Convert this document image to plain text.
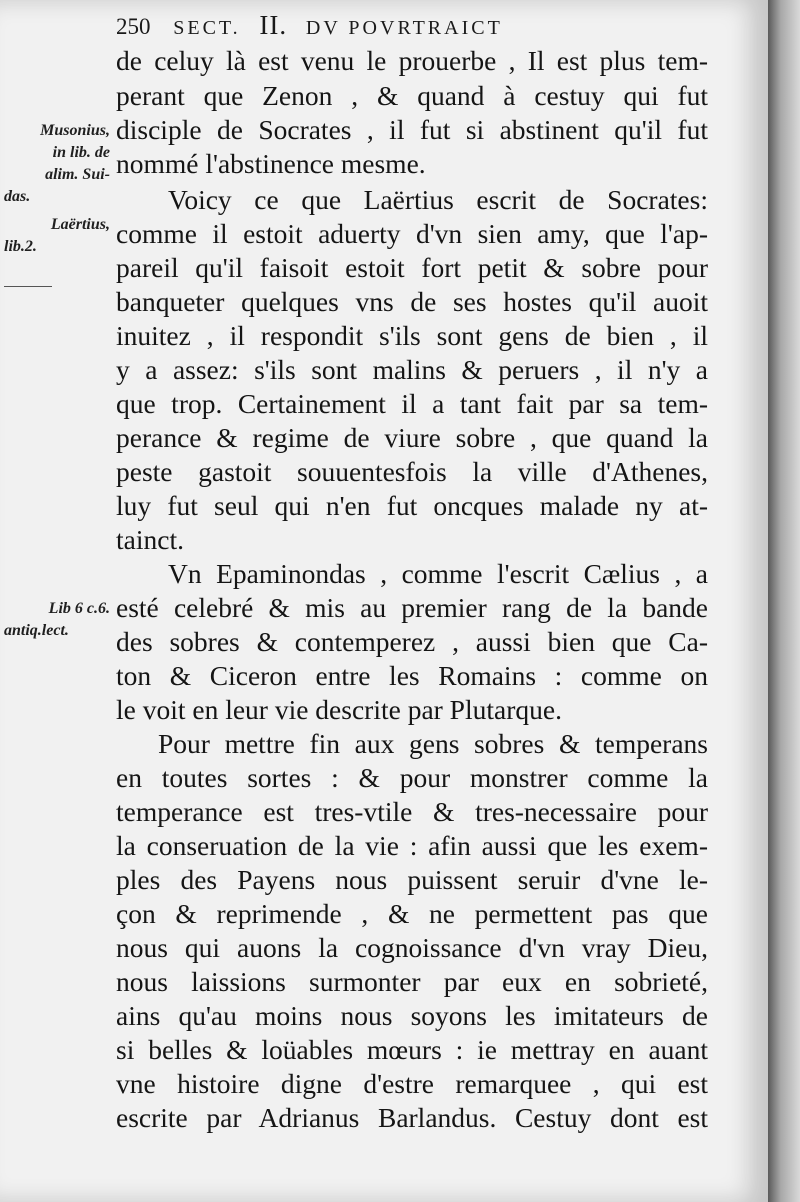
250 SECT. II. DV POVRTRAICT
Musonius,
in lib. de
alim. Sui-
das.
Laërtius,
lib.2.
Lib 6 c.6.
antiq.lect.
de celuy là est venu le prouerbe , Il est plus tem-
perant que Zenon , & quand à cestuy qui fut
disciple de Socrates , il fut si abstinent qu'il fut
nommé l'abstinence mesme.
Voicy ce que Laërtius escrit de Socrates:
comme il estoit aduerty d'vn sien amy, que l'ap-
pareil qu'il faisoit estoit fort petit & sobre pour
banqueter quelques vns de ses hostes qu'il auoit
inuitez , il respondit s'ils sont gens de bien , il
y a assez: s'ils sont malins & peruers , il n'y a
que trop. Certainement il a tant fait par sa tem-
perance & regime de viure sobre , que quand la
peste gastoit souuentesfois la ville d'Athenes,
luy fut seul qui n'en fut oncques malade ny at-
tainct.
Vn Epaminondas , comme l'escrit Cælius , a
esté celebré & mis au premier rang de la bande
des sobres & contemperez , aussi bien que Ca-
ton & Ciceron entre les Romains : comme on
le voit en leur vie descrite par Plutarque.
Pour mettre fin aux gens sobres & temperans
en toutes sortes : & pour monstrer comme la
temperance est tres-vtile & tres-necessaire pour
la conseruation de la vie : afin aussi que les exem-
ples des Payens nous puissent seruir d'vne le-
çon & reprimende , & ne permettent pas que
nous qui auons la cognoissance d'vn vray Dieu,
nous laissions surmonter par eux en sobrieté,
ains qu'au moins nous soyons les imitateurs de
si belles & loüables mœurs : ie mettray en auant
vne histoire digne d'estre remarquee , qui est
escrite par Adrianus Barlandus. Cestuy dont est
